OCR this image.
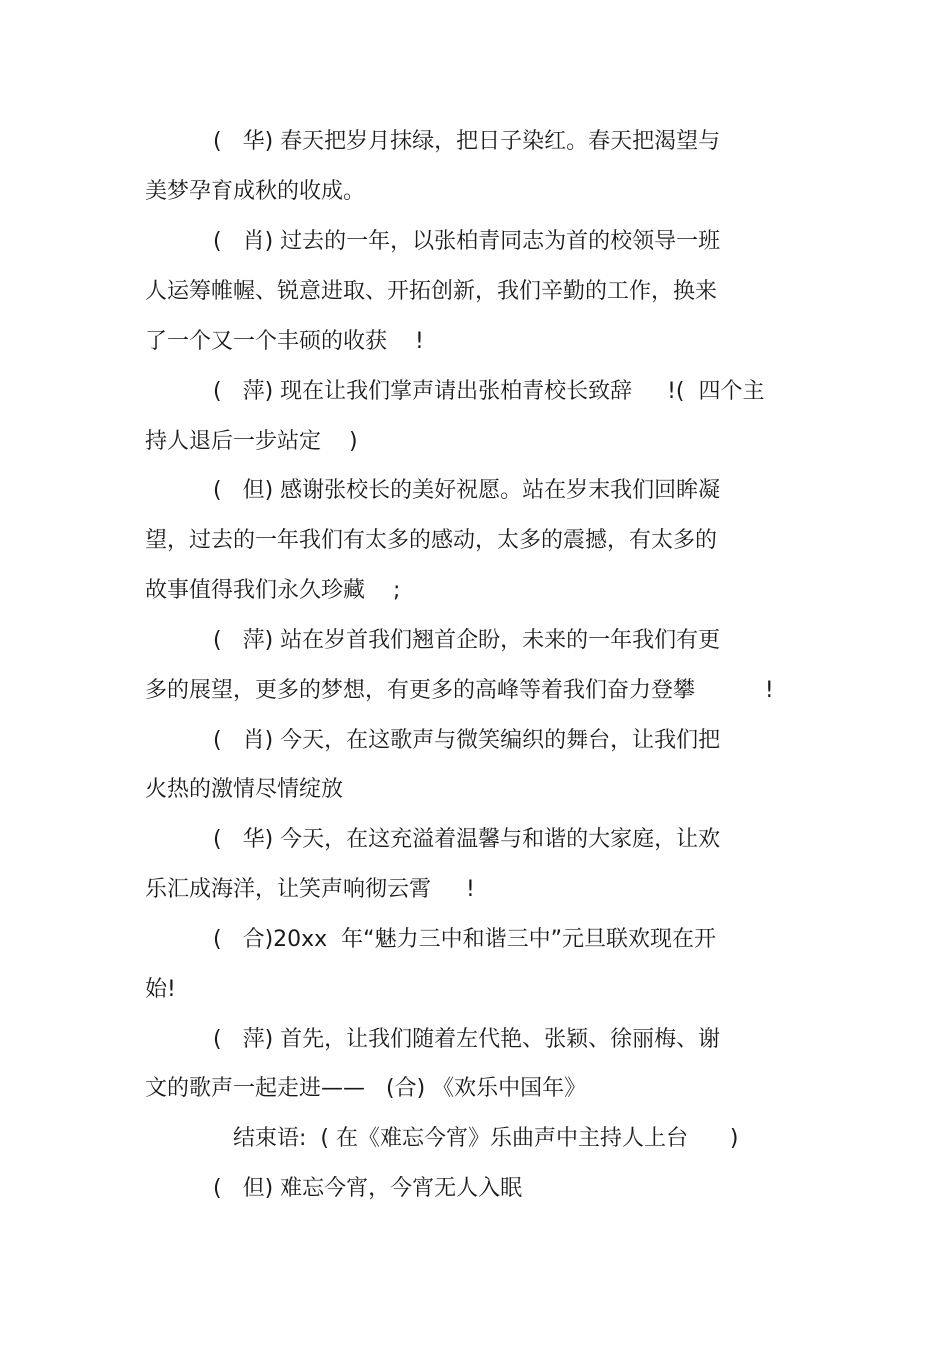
(   华) 春天把岁月抹绿，把日子染红。春天把渴望与
美梦孕育成秋的收成。
(   肖) 过去的一年，以张柏青同志为首的校领导一班
人运筹帷幄、锐意进取、开拓创新，我们辛勤的工作，换来
了一个又一个丰硕的收获    !
(   萍) 现在让我们掌声请出张柏青校长致辞     !(  四个主
持人退后一步站定    )
(   但) 感谢张校长的美好祝愿。站在岁末我们回眸凝
望，过去的一年我们有太多的感动，太多的震撼，有太多的
故事值得我们永久珍藏    ;
(   萍) 站在岁首我们翘首企盼，未来的一年我们有更
多的展望，更多的梦想，有更多的高峰等着我们奋力登攀          !
(   肖) 今天，在这歌声与微笑编织的舞台，让我们把
火热的激情尽情绽放
(   华) 今天，在这充溢着温馨与和谐的大家庭，让欢
乐汇成海洋，让笑声响彻云霄     !
(   合)20xx  年“魅力三中和谐三中”元旦联欢现在开
始!
(   萍) 首先，让我们随着左代艳、张颖、徐丽梅、谢
文的歌声一起走进——   (合) 《欢乐中国年》
结束语:  ( 在《难忘今宵》乐曲声中主持人上台      )
(   但) 难忘今宵，今宵无人入眠
